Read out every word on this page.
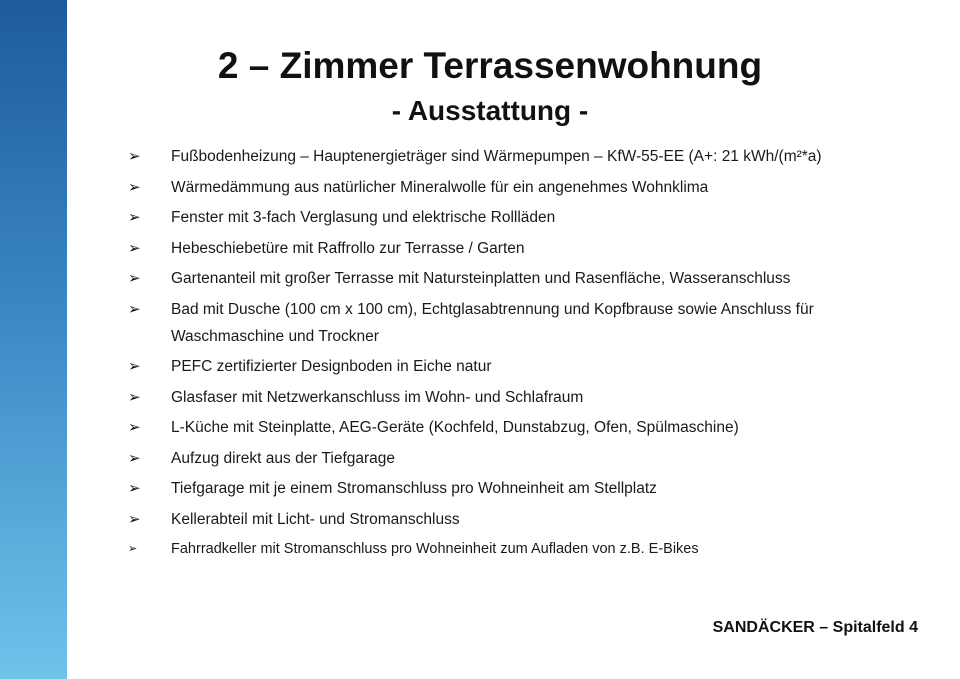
2 – Zimmer Terrassenwohnung
- Ausstattung -
➢ Fußbodenheizung – Hauptenergieträger sind Wärmepumpen – KfW-55-EE (A+: 21 kWh/(m²*a)
➢ Wärmedämmung aus natürlicher Mineralwolle für ein angenehmes Wohnklima
➢ Fenster mit 3-fach Verglasung und elektrische Rollläden
➢ Hebeschiebetüre mit Raffrollo zur Terrasse / Garten
➢ Gartenanteil mit großer Terrasse mit Natursteinplatten und Rasenfläche, Wasseranschluss
➢ Bad mit Dusche (100 cm x 100 cm), Echtglasabtrennung und Kopfbrause sowie Anschluss für Waschmaschine und Trockner
➢ PEFC zertifizierter Designboden in Eiche natur
➢ Glasfaser mit Netzwerkanschluss im Wohn- und Schlafraum
➢ L-Küche mit Steinplatte, AEG-Geräte (Kochfeld, Dunstabzug, Ofen, Spülmaschine)
➢ Aufzug direkt aus der Tiefgarage
➢ Tiefgarage mit je einem Stromanschluss pro Wohneinheit am Stellplatz
➢ Kellerabteil mit Licht- und Stromanschluss
➢ Fahrradkeller mit Stromanschluss pro Wohneinheit zum Aufladen von z.B. E-Bikes
SANDÄCKER – Spitalfeld 4
